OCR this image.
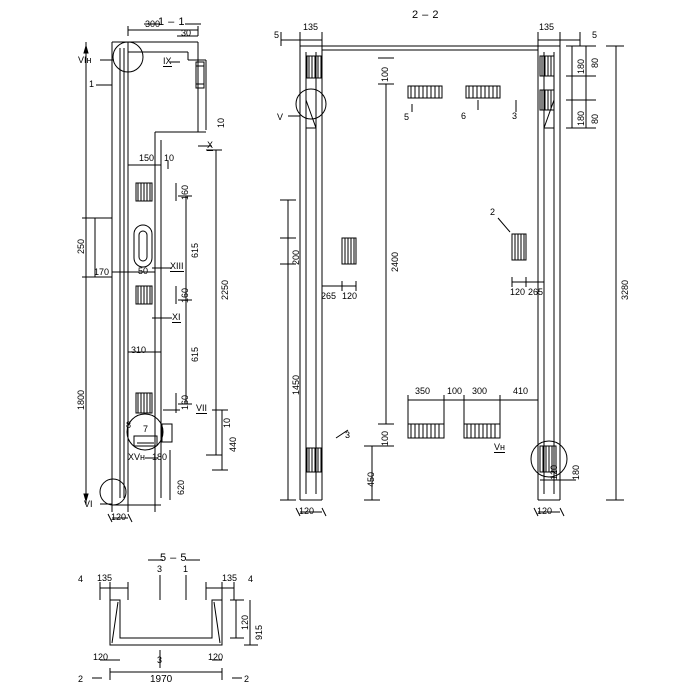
1 – 1
2 – 2
5 – 5
VIн	IX
X
XIII
XI
VII
XVн
VI
1
7
8
300
30
10
150 10
160
250	615
2250
170	50
160
310	615
1800	160
10
440
180
620
120
V
Vн
5	6	3
2
3
5
135	135
5
180 80
180 80
100
3280
2400
200
265 120	120 265
1450	350 100 300	410
100
450
120	120
120 180
4
3 1
4
2	2
3
135	135
120
915
120	120
1970
